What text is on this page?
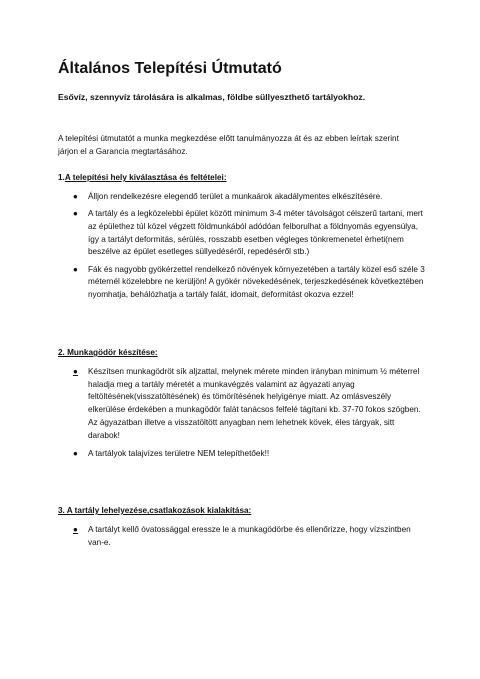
Általános Telepítési Útmutató
Esővíz, szennyvíz tárolására is alkalmas, földbe süllyeszthető tartályokhoz.
A telepítési útmutatót a munka megkezdése előtt tanulmányozza át és az ebben leírtak szerint járjon el a Garancia megtartásához.
1.A telepítési hely kiválasztása és feltételei:
● Álljon rendelkezésre elegendő terület a munkaárok akadálymentes elkészítésére.
● A tartály és a legközelebbi épület között minimum 3-4 méter távolságot célszerű tartani, mert az épülethez túl közel végzett földmunkából adódóan felborulhat a földnyomás egyensúlya, így a tartályt deformitás, sérülés, rosszabb esetben végleges tönkremenetel érheti(nem beszélve az épület esetleges süllyedéséről, repedéséről stb.)
● Fák és nagyobb gyökérzettel rendelkező növények környezetében a tartály közel eső széle 3 méternél közelebbre ne kerüljön! A gyökér növekedésének, terjeszkedésének következtében nyomhatja, behálózhatja a tartály falát, idomait, deformitást okozva ezzel!
2. Munkagödör készítése:
● Készítsen munkagödröt sík aljzattal, melynek mérete minden irányban minimum ½ méterrel haladja meg a tartály méretét a munkavégzés valamint az ágyazati anyag feltöltésének(visszatöltésének) és tömörítésének helyigénye miatt. Az omlásveszély elkerülése érdekében a munkagödör falát tanácsos felfelé tágítani kb. 37-70 fokos szögben. Az ágyazatban illetve a visszatöltött anyagban nem lehetnek kövek, éles tárgyak, sitt darabok!
● A tartályok talajvízes területre NEM telepíthetőek!!
3. A tartály lehelyezése,csatlakozások kialakítása:
● A tartályt kellő óvatossággal eressze le a munkagödörbe és ellenőrizze, hogy vízszintben van-e.
